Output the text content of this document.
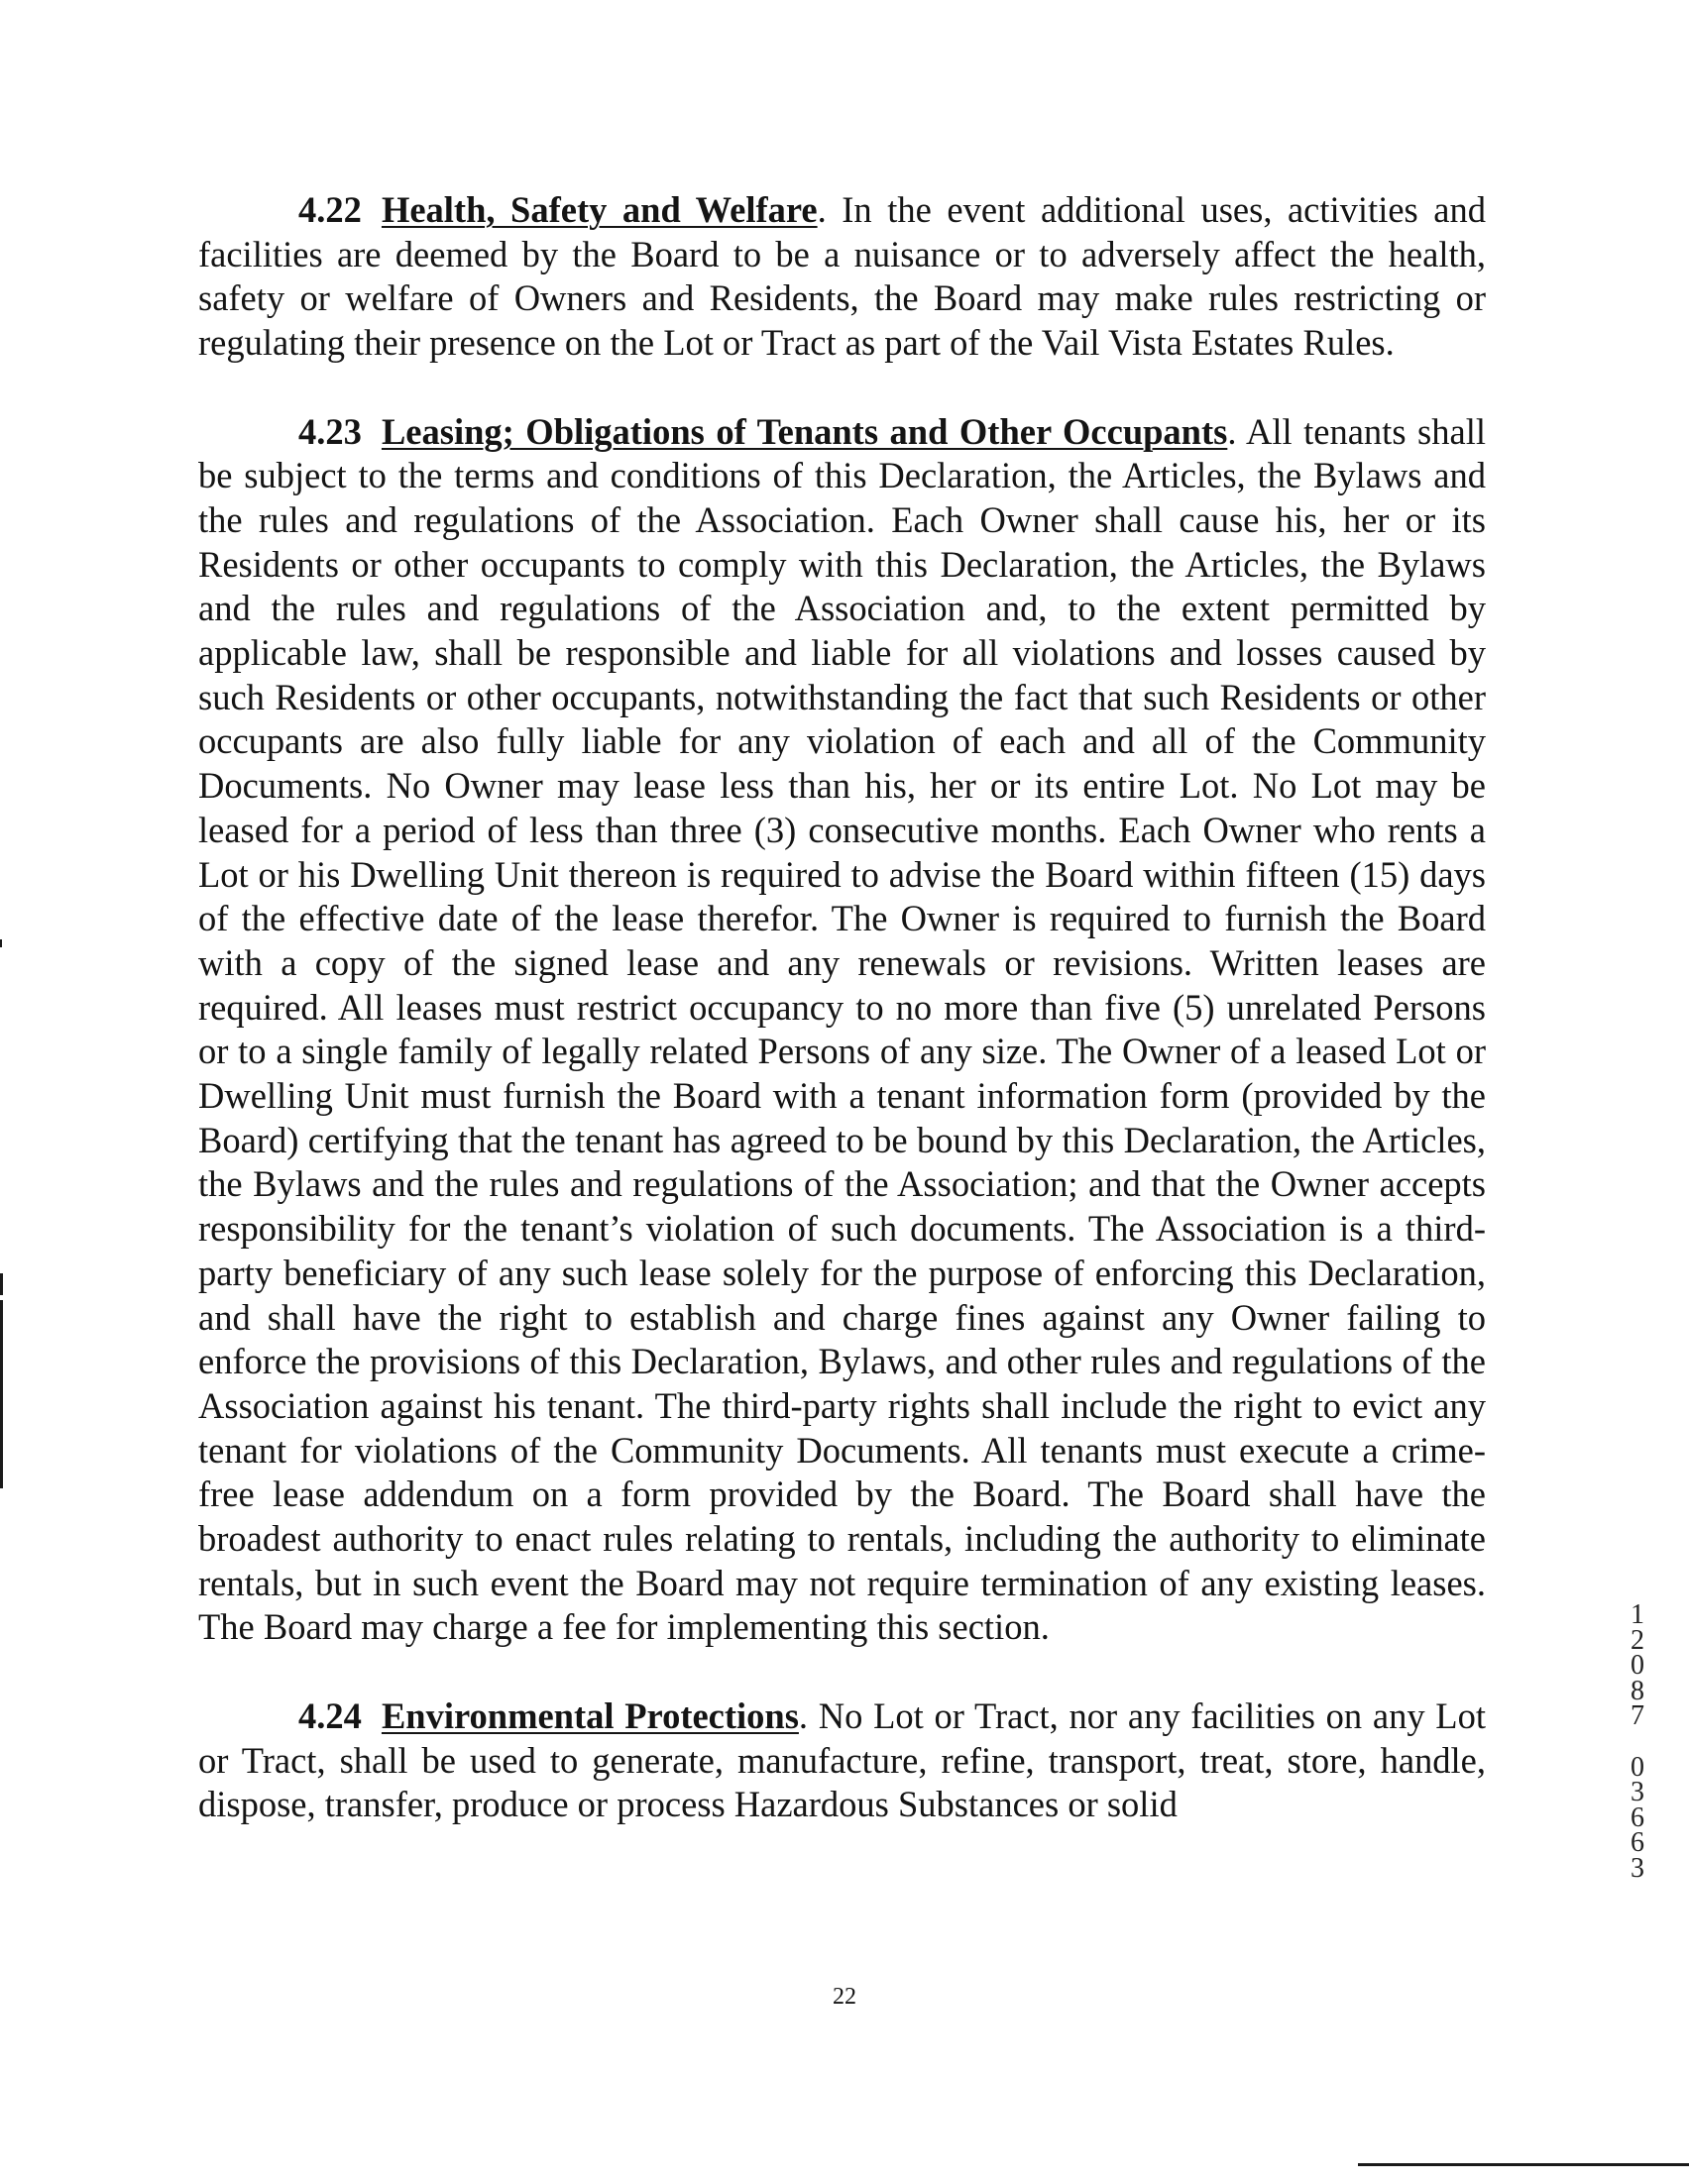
4.22 Health, Safety and Welfare. In the event additional uses, activities and facilities are deemed by the Board to be a nuisance or to adversely affect the health, safety or welfare of Owners and Residents, the Board may make rules restricting or regulating their presence on the Lot or Tract as part of the Vail Vista Estates Rules.

4.23 Leasing; Obligations of Tenants and Other Occupants. All tenants shall be subject to the terms and conditions of this Declaration, the Articles, the Bylaws and the rules and regulations of the Association. Each Owner shall cause his, her or its Residents or other occupants to comply with this Declaration, the Articles, the Bylaws and the rules and regulations of the Association and, to the extent permitted by applicable law, shall be responsible and liable for all violations and losses caused by such Residents or other occupants, notwithstanding the fact that such Residents or other occupants are also fully liable for any violation of each and all of the Community Documents. No Owner may lease less than his, her or its entire Lot. No Lot may be leased for a period of less than three (3) consecutive months. Each Owner who rents a Lot or his Dwelling Unit thereon is required to advise the Board within fifteen (15) days of the effective date of the lease therefor. The Owner is required to furnish the Board with a copy of the signed lease and any renewals or revisions. Written leases are required. All leases must restrict occupancy to no more than five (5) unrelated Persons or to a single family of legally related Persons of any size. The Owner of a leased Lot or Dwelling Unit must furnish the Board with a tenant information form (provided by the Board) certifying that the tenant has agreed to be bound by this Declaration, the Articles, the Bylaws and the rules and regulations of the Association; and that the Owner accepts responsibility for the tenant’s violation of such documents. The Association is a third-party beneficiary of any such lease solely for the purpose of enforcing this Declaration, and shall have the right to establish and charge fines against any Owner failing to enforce the provisions of this Declaration, Bylaws, and other rules and regulations of the Association against his tenant. The third-party rights shall include the right to evict any tenant for violations of the Community Documents. All tenants must execute a crime-free lease addendum on a form provided by the Board. The Board shall have the broadest authority to enact rules relating to rentals, including the authority to eliminate rentals, but in such event the Board may not require termination of any existing leases. The Board may charge a fee for implementing this section.

4.24 Environmental Protections. No Lot or Tract, nor any facilities on any Lot or Tract, shall be used to generate, manufacture, refine, transport, treat, store, handle, dispose, transfer, produce or process Hazardous Substances or solid

22
1
2
0
8
7
0
3
6
6
3
